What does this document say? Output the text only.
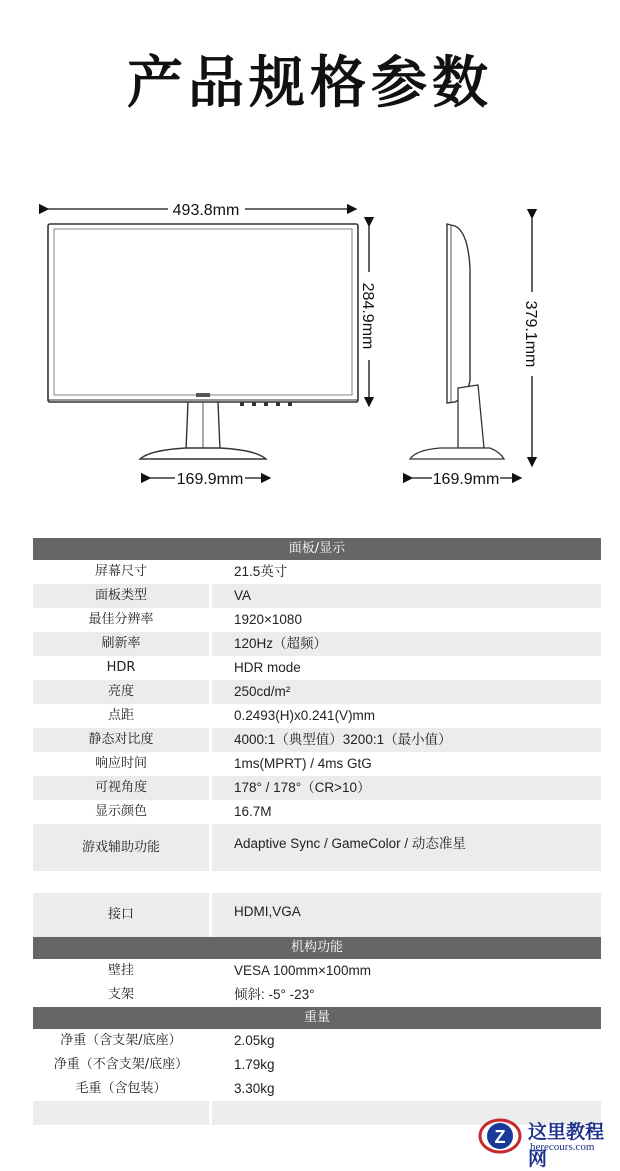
产品规格参数
493.8mm
284.9mm
169.9mm
379.1mm
169.9mm
面板/显示
屏幕尺寸	21.5英寸
面板类型	VA
最佳分辨率	1920×1080
刷新率	120Hz（超频）
HDR	HDR mode
亮度	250cd/m²
点距	0.2493(H)x0.241(V)mm
静态对比度	4000:1（典型值）3200:1（最小值）
响应时间	1ms(MPRT) / 4ms GtG
可视角度	178° / 178°（CR>10）
显示颜色	16.7M
游戏辅助功能	Adaptive Sync / GameColor / 动态准星
接口	HDMI,VGA
机构功能
壁挂	VESA 100mm×100mm
支架	倾斜: -5° -23°
重量
净重（含支架/底座）	2.05kg
净重（不含支架/底座）	1.79kg
毛重（含包装）	3.30kg
Z 这里教程网
herecours.com
